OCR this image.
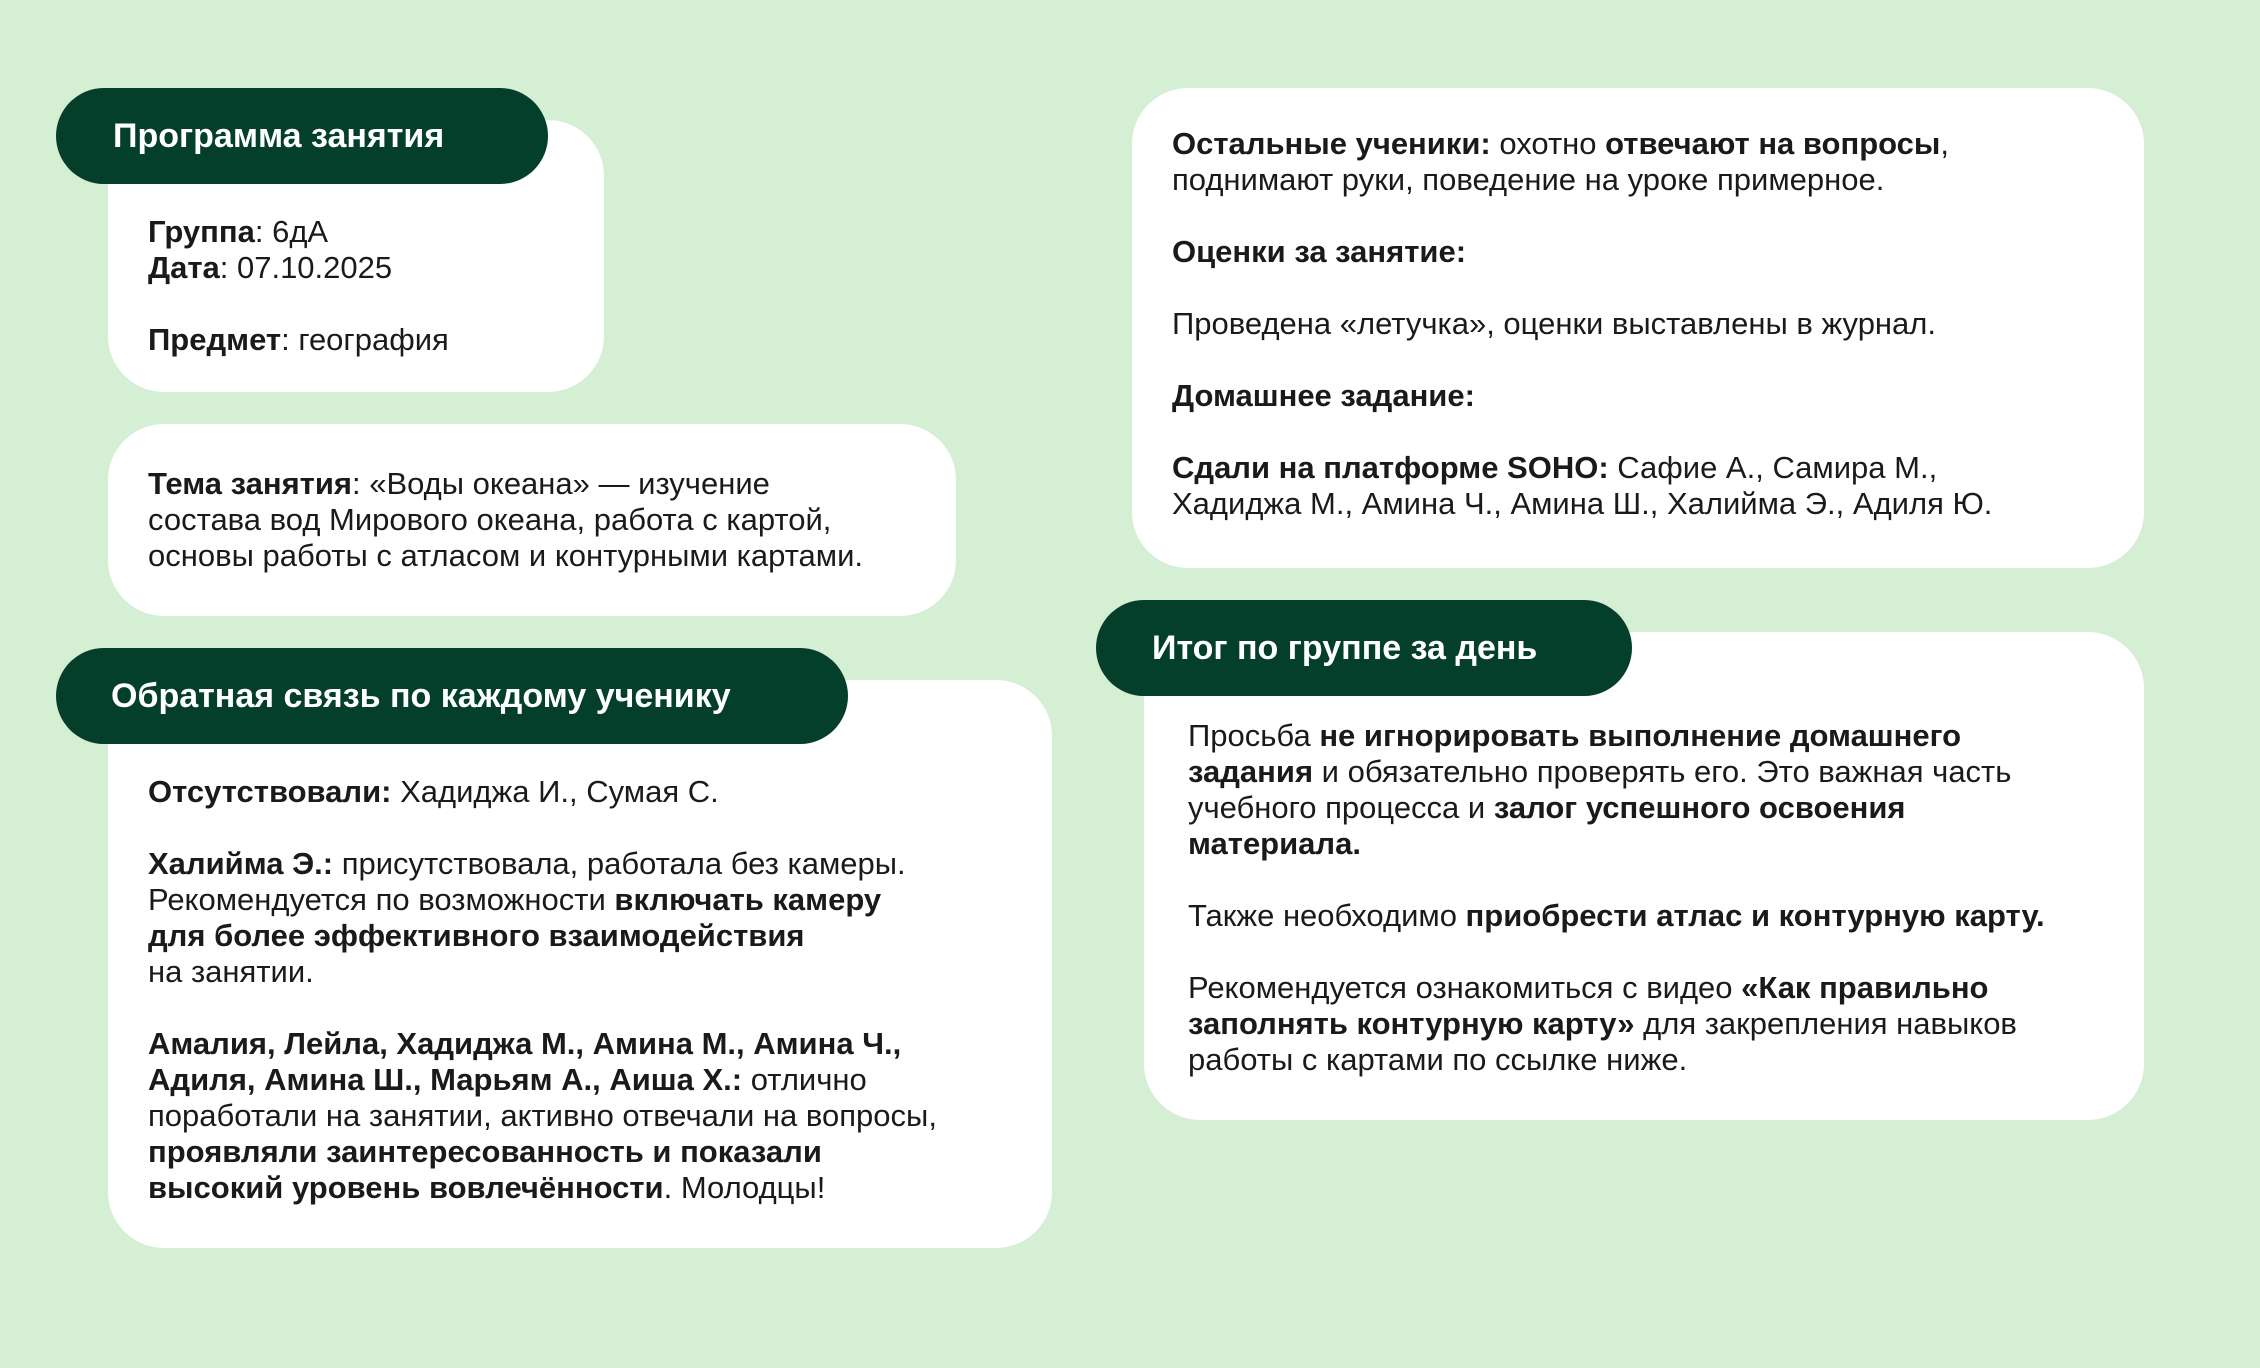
Группа: 6дА
Дата: 07.10.2025
Предмет: география
Программа занятия
Тема занятия: «Воды океана» — изучение
состава вод Мирового океана, работа с картой,
основы работы с атласом и контурными картами.
Отсутствовали: Хадиджа И., Сумая С.
Халийма Э.: присутствовала, работала без камеры.
Рекомендуется по возможности включать камеру
для более эффективного взаимодействия
на занятии.
Амалия, Лейла, Хадиджа М., Амина М., Амина Ч.,
Адиля, Амина Ш., Марьям А., Аиша Х.: отлично
поработали на занятии, активно отвечали на вопросы,
проявляли заинтересованность и показали
высокий уровень вовлечённости. Молодцы!
Обратная связь по каждому ученику
Остальные ученики: охотно отвечают на вопросы,
поднимают руки, поведение на уроке примерное.
Оценки за занятие:
Проведена «летучка», оценки выставлены в журнал.
Домашнее задание:
Сдали на платформе SOHO: Сафие А., Самира М.,
Хадиджа М., Амина Ч., Амина Ш., Халийма Э., Адиля Ю.
Просьба не игнорировать выполнение домашнего
задания и обязательно проверять его. Это важная часть
учебного процесса и залог успешного освоения
материала.
Также необходимо приобрести атлас и контурную карту.
Рекомендуется ознакомиться с видео «Как правильно
заполнять контурную карту» для закрепления навыков
работы с картами по ссылке ниже.
Итог по группе за день
